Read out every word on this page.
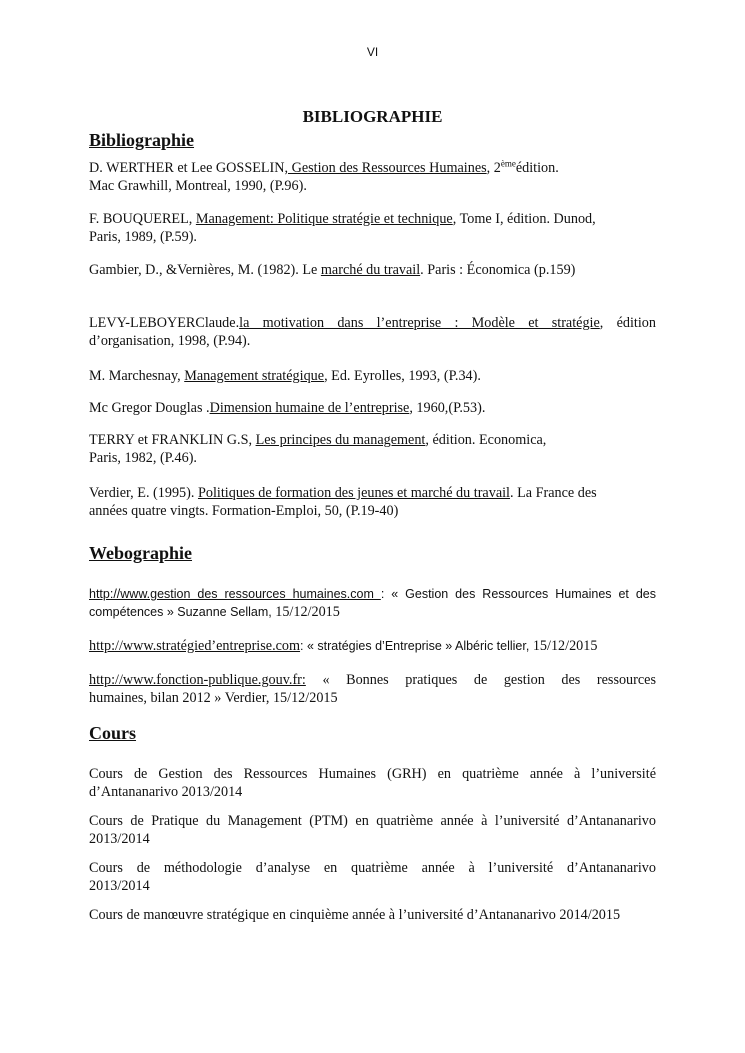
VI
BIBLIOGRAPHIE
Bibliographie
D. WERTHER et Lee GOSSELIN, Gestion des Ressources Humaines, 2èmeédition.
Mac Grawhill, Montreal, 1990, (P.96).
F. BOUQUEREL, Management: Politique stratégie et technique, Tome I, édition. Dunod,
Paris, 1989, (P.59).
Gambier, D., &Vernières, M. (1982). Le marché du travail. Paris : Économica (p.159)
LEVY-LEBOYERClaude.la motivation dans l’entreprise : Modèle et stratégie, édition
d’organisation, 1998, (P.94).
M. Marchesnay, Management stratégique, Ed. Eyrolles, 1993, (P.34).
Mc Gregor Douglas .Dimension humaine de l’entreprise, 1960,(P.53).
TERRY et FRANKLIN G.S, Les principes du management, édition. Economica,
Paris, 1982, (P.46).
Verdier, E. (1995). Politiques de formation des jeunes et marché du travail. La France des
années quatre vingts. Formation-Emploi, 50, (P.19-40)
Webographie
http://www.gestion des ressources humaines.com : « Gestion des Ressources Humaines et des
compétences » Suzanne Sellam, 15/12/2015
http://www.stratégied’entreprise.com: « stratégies d’Entreprise » Albéric tellier, 15/12/2015
http://www.fonction-publique.gouv.fr: « Bonnes pratiques de gestion des ressources
humaines, bilan 2012 » Verdier, 15/12/2015
Cours
Cours de Gestion des Ressources Humaines (GRH) en quatrième année à l’université
d’Antananarivo 2013/2014
Cours de Pratique du Management (PTM) en quatrième année à l’université d’Antananarivo
2013/2014
Cours de méthodologie d’analyse en quatrième année à l’université d’Antananarivo
2013/2014
Cours de manœuvre stratégique en cinquième année à l’université d’Antananarivo 2014/2015
